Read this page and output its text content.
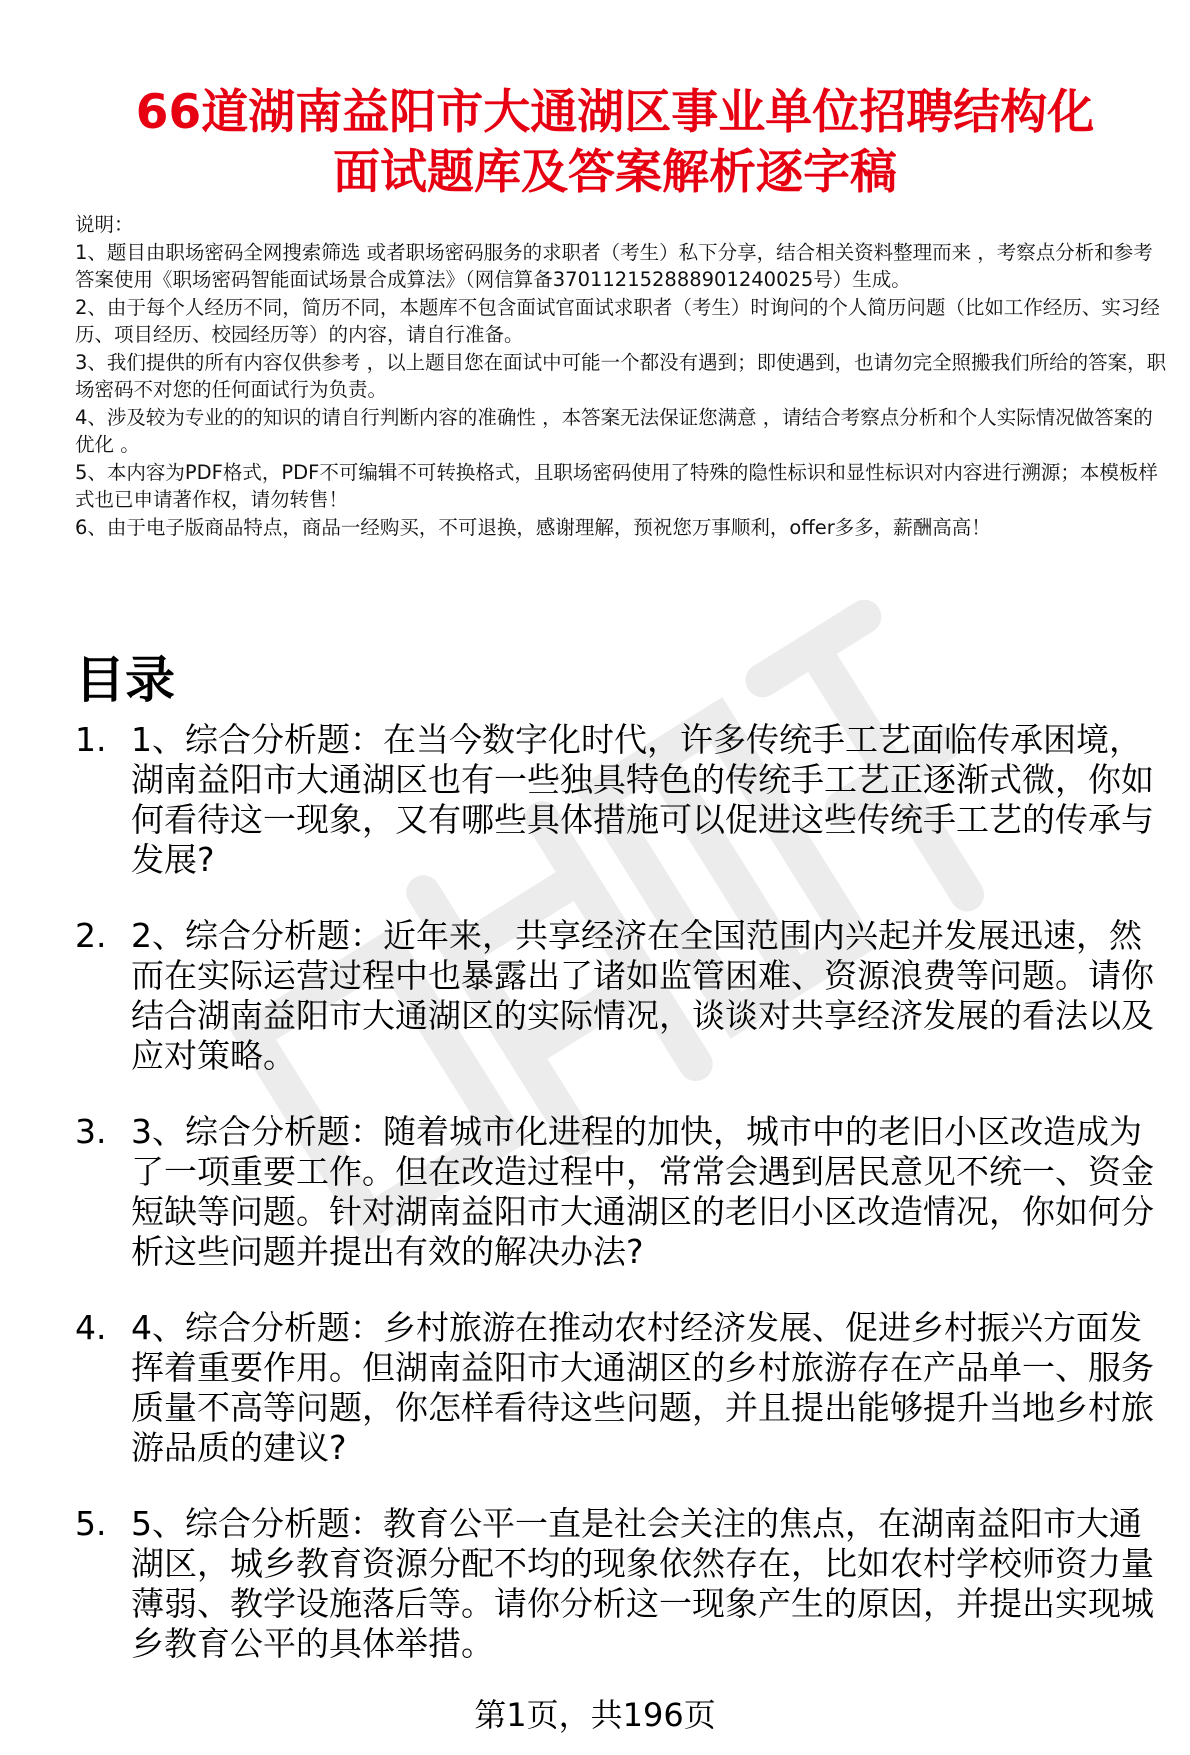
66道湖南益阳市大通湖区事业单位招聘结构化
面试题库及答案解析逐字稿

说明：

1、题目由职场密码全网搜索筛选 或者职场密码服务的求职者（考生）私下分享，结合相关资料整理而来 ，考察点分析和参考答案使用《职场密码智能面试场景合成算法》（网信算备370112152888901240025号）生成。

2、由于每个人经历不同，简历不同，本题库不包含面试官面试求职者（考生）时询问的个人简历问题（比如工作经历、实习经历、项目经历、校园经历等）的内容，请自行准备。

3、我们提供的所有内容仅供参考 ，以上题目您在面试中可能一个都没有遇到；即使遇到，也请勿完全照搬我们所给的答案，职场密码不对您的任何面试行为负责。

4、涉及较为专业的的知识的请自行判断内容的准确性 ，本答案无法保证您满意 ，请结合考察点分析和个人实际情况做答案的优化 。

5、本内容为PDF格式，PDF不可编辑不可转换格式，且职场密码使用了特殊的隐性标识和显性标识对内容进行溯源；本模板样式也已申请著作权，请勿转售！

6、由于电子版商品特点，商品一经购买，不可退换，感谢理解，预祝您万事顺利，offer多多，薪酬高高！

目录
1. 1、综合分析题：在当今数字化时代，许多传统手工艺面临传承困境，湖南益阳市大通湖区也有一些独具特色的传统手工艺正逐渐式微，你如何看待这一现象，又有哪些具体措施可以促进这些传统手工艺的传承与发展?
2. 2、综合分析题：近年来，共享经济在全国范围内兴起并发展迅速，然而在实际运营过程中也暴露出了诸如监管困难、资源浪费等问题。请你结合湖南益阳市大通湖区的实际情况，谈谈对共享经济发展的看法以及应对策略。
3. 3、综合分析题：随着城市化进程的加快，城市中的老旧小区改造成为了一项重要工作。但在改造过程中，常常会遇到居民意见不统一、资金短缺等问题。针对湖南益阳市大通湖区的老旧小区改造情况，你如何分析这些问题并提出有效的解决办法?
4. 4、综合分析题：乡村旅游在推动农村经济发展、促进乡村振兴方面发挥着重要作用。但湖南益阳市大通湖区的乡村旅游存在产品单一、服务质量不高等问题，你怎样看待这些问题，并且提出能够提升当地乡村旅游品质的建议?
5. 5、综合分析题：教育公平一直是社会关注的焦点，在湖南益阳市大通湖区，城乡教育资源分配不均的现象依然存在，比如农村学校师资力量薄弱、教学设施落后等。请你分析这一现象产生的原因，并提出实现城乡教育公平的具体举措。
第1页，共196页
